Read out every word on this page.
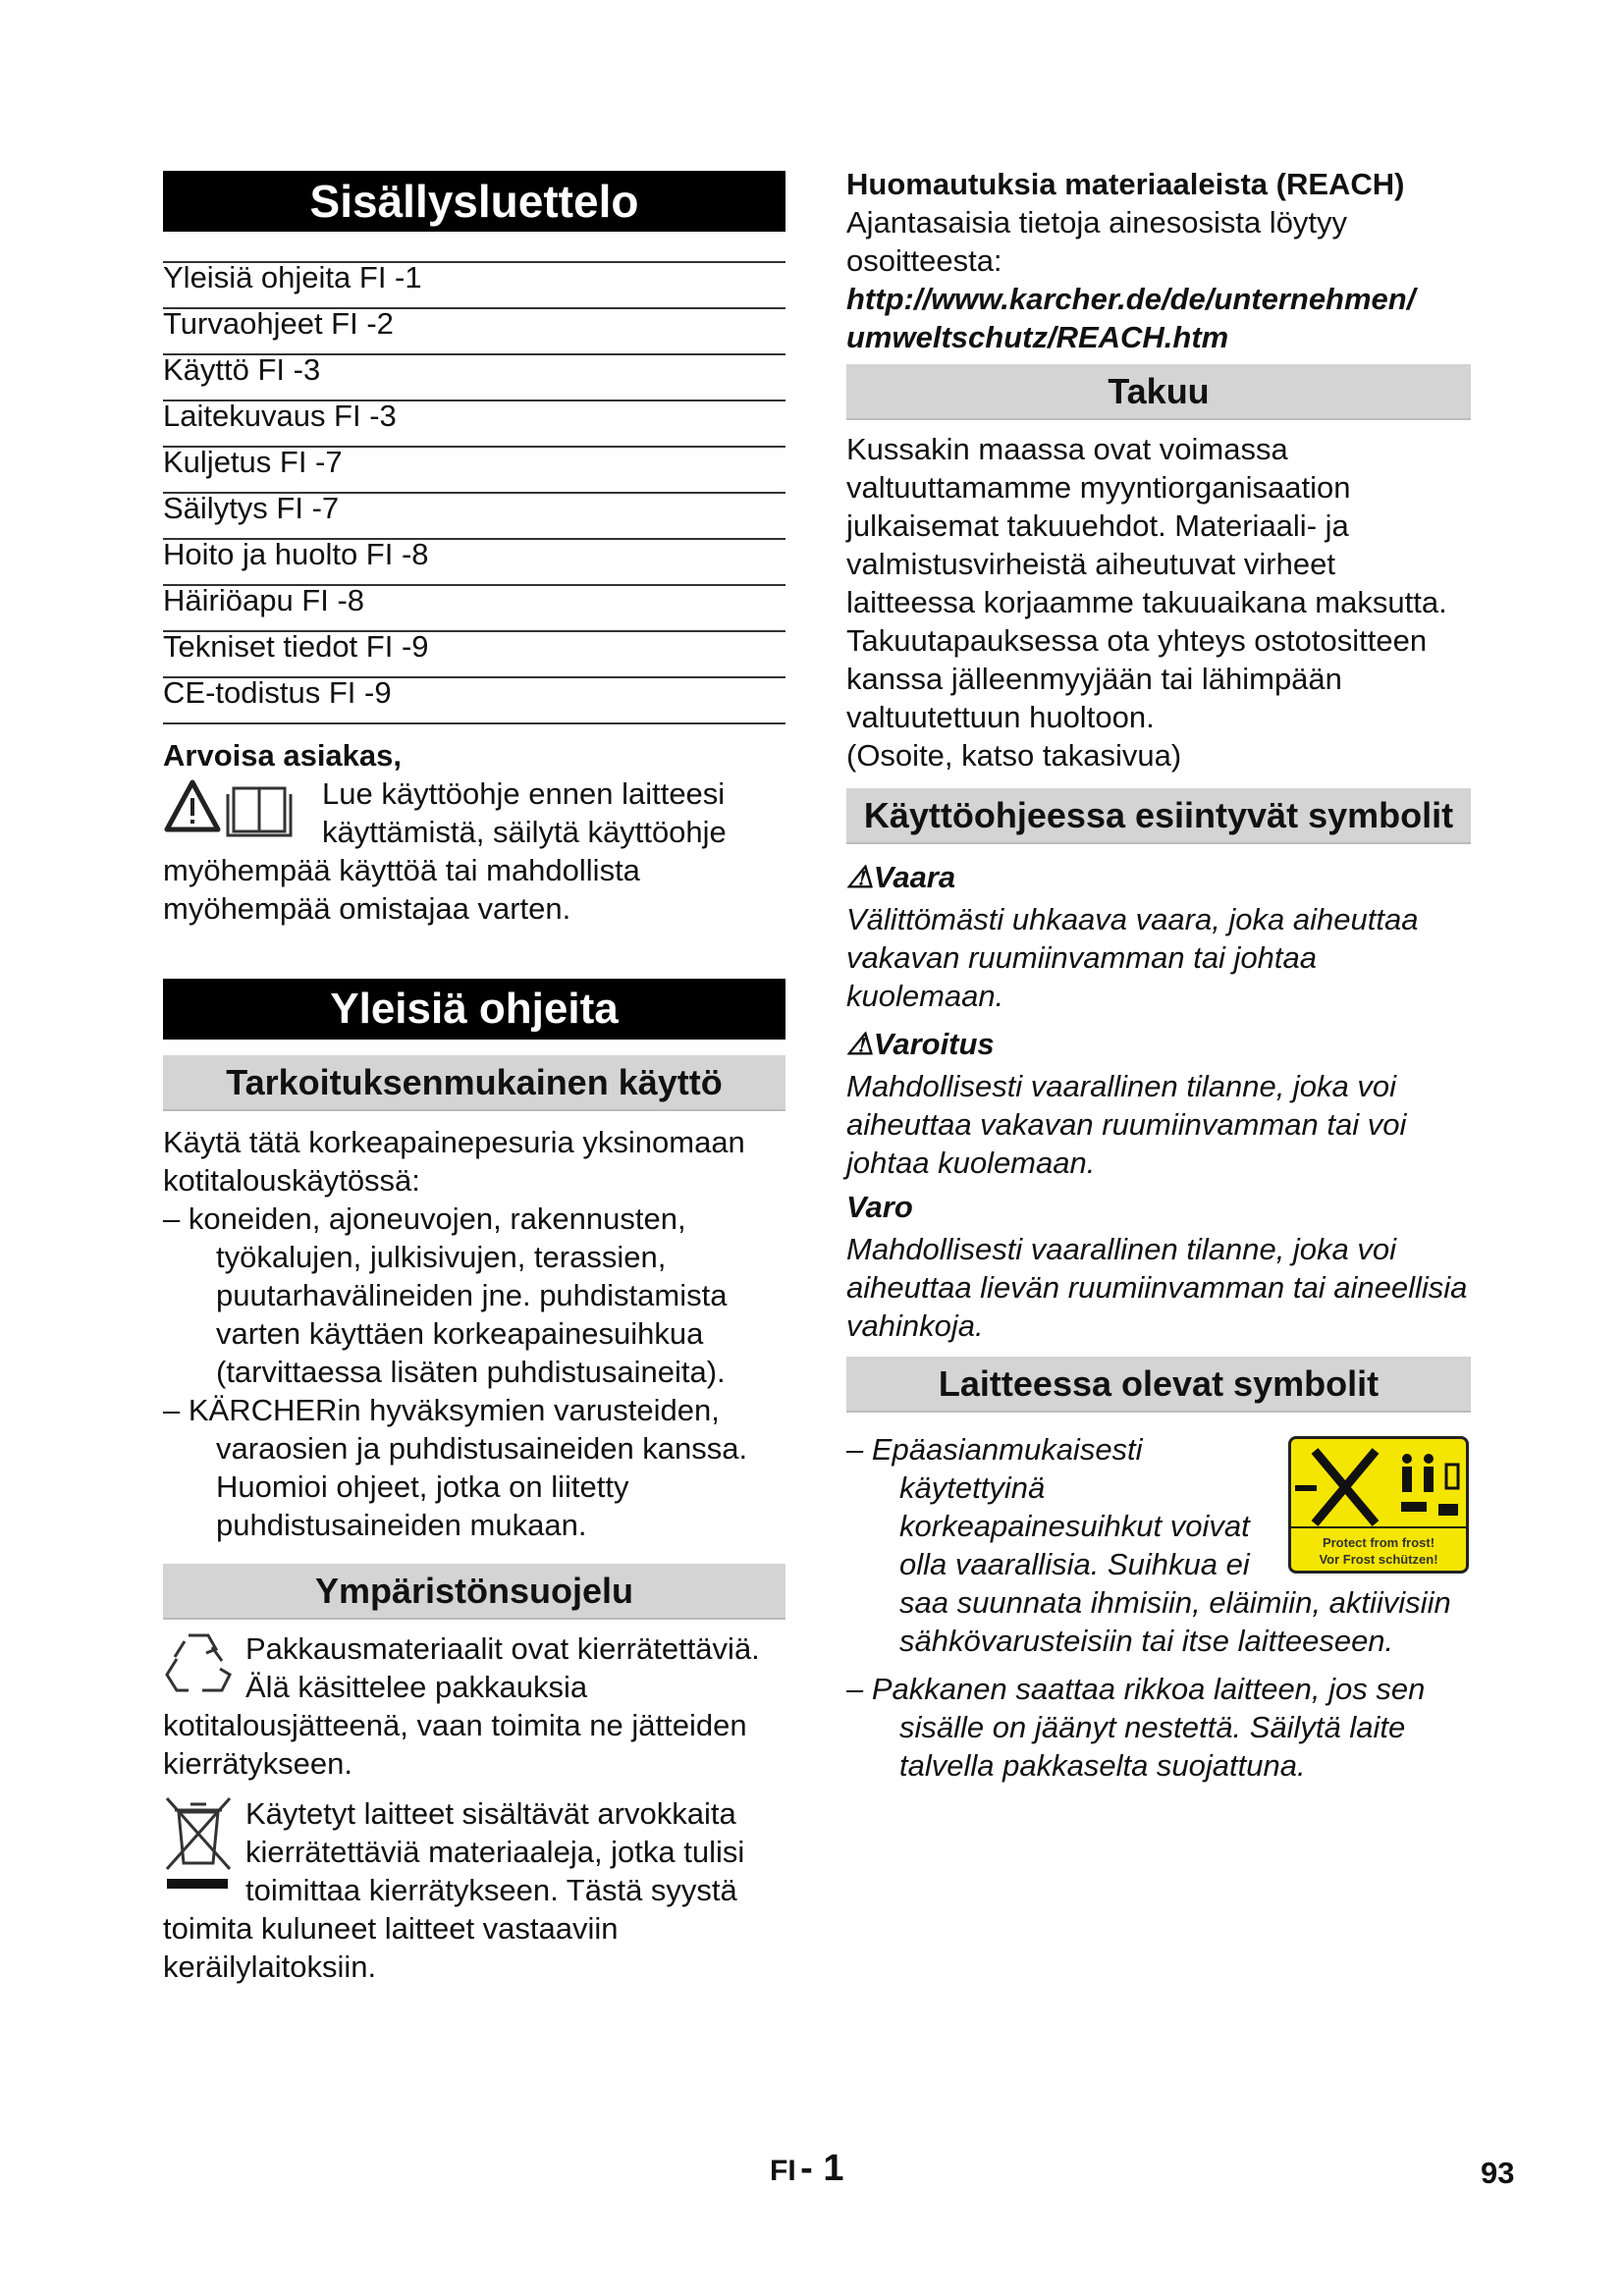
Sisällysluettelo
Yleisiä ohjeita FI -1
Turvaohjeet FI -2
Käyttö FI -3
Laitekuvaus FI -3
Kuljetus FI -7
Säilytys FI -7
Hoito ja huolto FI -8
Häiriöapu FI -8
Tekniset tiedot FI -9
CE-todistus FI -9

Arvoisa asiakas,

Lue käyttöohje ennen laitteesi käyttämistä, säilytä käyttöohje myöhempää käyttöä tai mahdollista myöhempää omistajaa varten.

Yleisiä ohjeita
Tarkoituksenmukainen käyttö

Käytä tätä korkeapainepesuria yksinomaan kotitalouskäytössä:

– koneiden, ajoneuvojen, rakennusten, työkalujen, julkisivujen, terassien, puutarhavälineiden jne. puhdistamista varten käyttäen korkeapainesuihkua (tarvittaessa lisäten puhdistusaineita).

– KÄRCHERin hyväksymien varusteiden, varaosien ja puhdistusaineiden kanssa. Huomioi ohjeet, jotka on liitetty puhdistusaineiden mukaan.

Ympäristönsuojelu

Pakkausmateriaalit ovat kierrätettäviä. Älä käsittelee pakkauksia kotitalousjätteenä, vaan toimita ne jätteiden kierrätykseen.

Käytetyt laitteet sisältävät arvokkaita kierrätettäviä materiaaleja, jotka tulisi toimittaa kierrätykseen. Tästä syystä toimita kuluneet laitteet vastaaviin keräilylaitoksiin.

Huomautuksia materiaaleista (REACH)

Ajantasaisia tietoja ainesosista löytyy osoitteesta:

http://www.karcher.de/de/unternehmen/
umweltschutz/REACH.htm

Takuu

Kussakin maassa ovat voimassa valtuuttamamme myyntiorganisaation julkaisemat takuuehdot. Materiaali- ja valmistusvirheistä aiheutuvat virheet laitteessa korjaamme takuuaikana maksutta. Takuutapauksessa ota yhteys ostotositteen kanssa jälleenmyyjään tai lähimpään valtuutettuun huoltoon.

(Osoite, katso takasivua)

Käyttöohjeessa esiintyvät symbolit

⚠Vaara

Välittömästi uhkaava vaara, joka aiheuttaa vakavan ruumiinvamman tai johtaa kuolemaan.

⚠Varoitus

Mahdollisesti vaarallinen tilanne, joka voi aiheuttaa vakavan ruumiinvamman tai voi johtaa kuolemaan.

Varo

Mahdollisesti vaarallinen tilanne, joka voi aiheuttaa lievän ruumiinvamman tai aineellisia vahinkoja.

Laitteessa olevat symbolit
Protect from frost!
Vor Frost schützen!

– Epäasianmukaisesti käytettyinä korkeapainesuihkut voivat olla vaarallisia. Suihkua ei saa suunnata ihmisiin, eläimiin, aktiivisiin sähkövarusteisiin tai itse laitteeseen.

– Pakkanen saattaa rikkoa laitteen, jos sen sisälle on jäänyt nestettä. Säilytä laite talvella pakkaselta suojattuna.

FI - 1	93
